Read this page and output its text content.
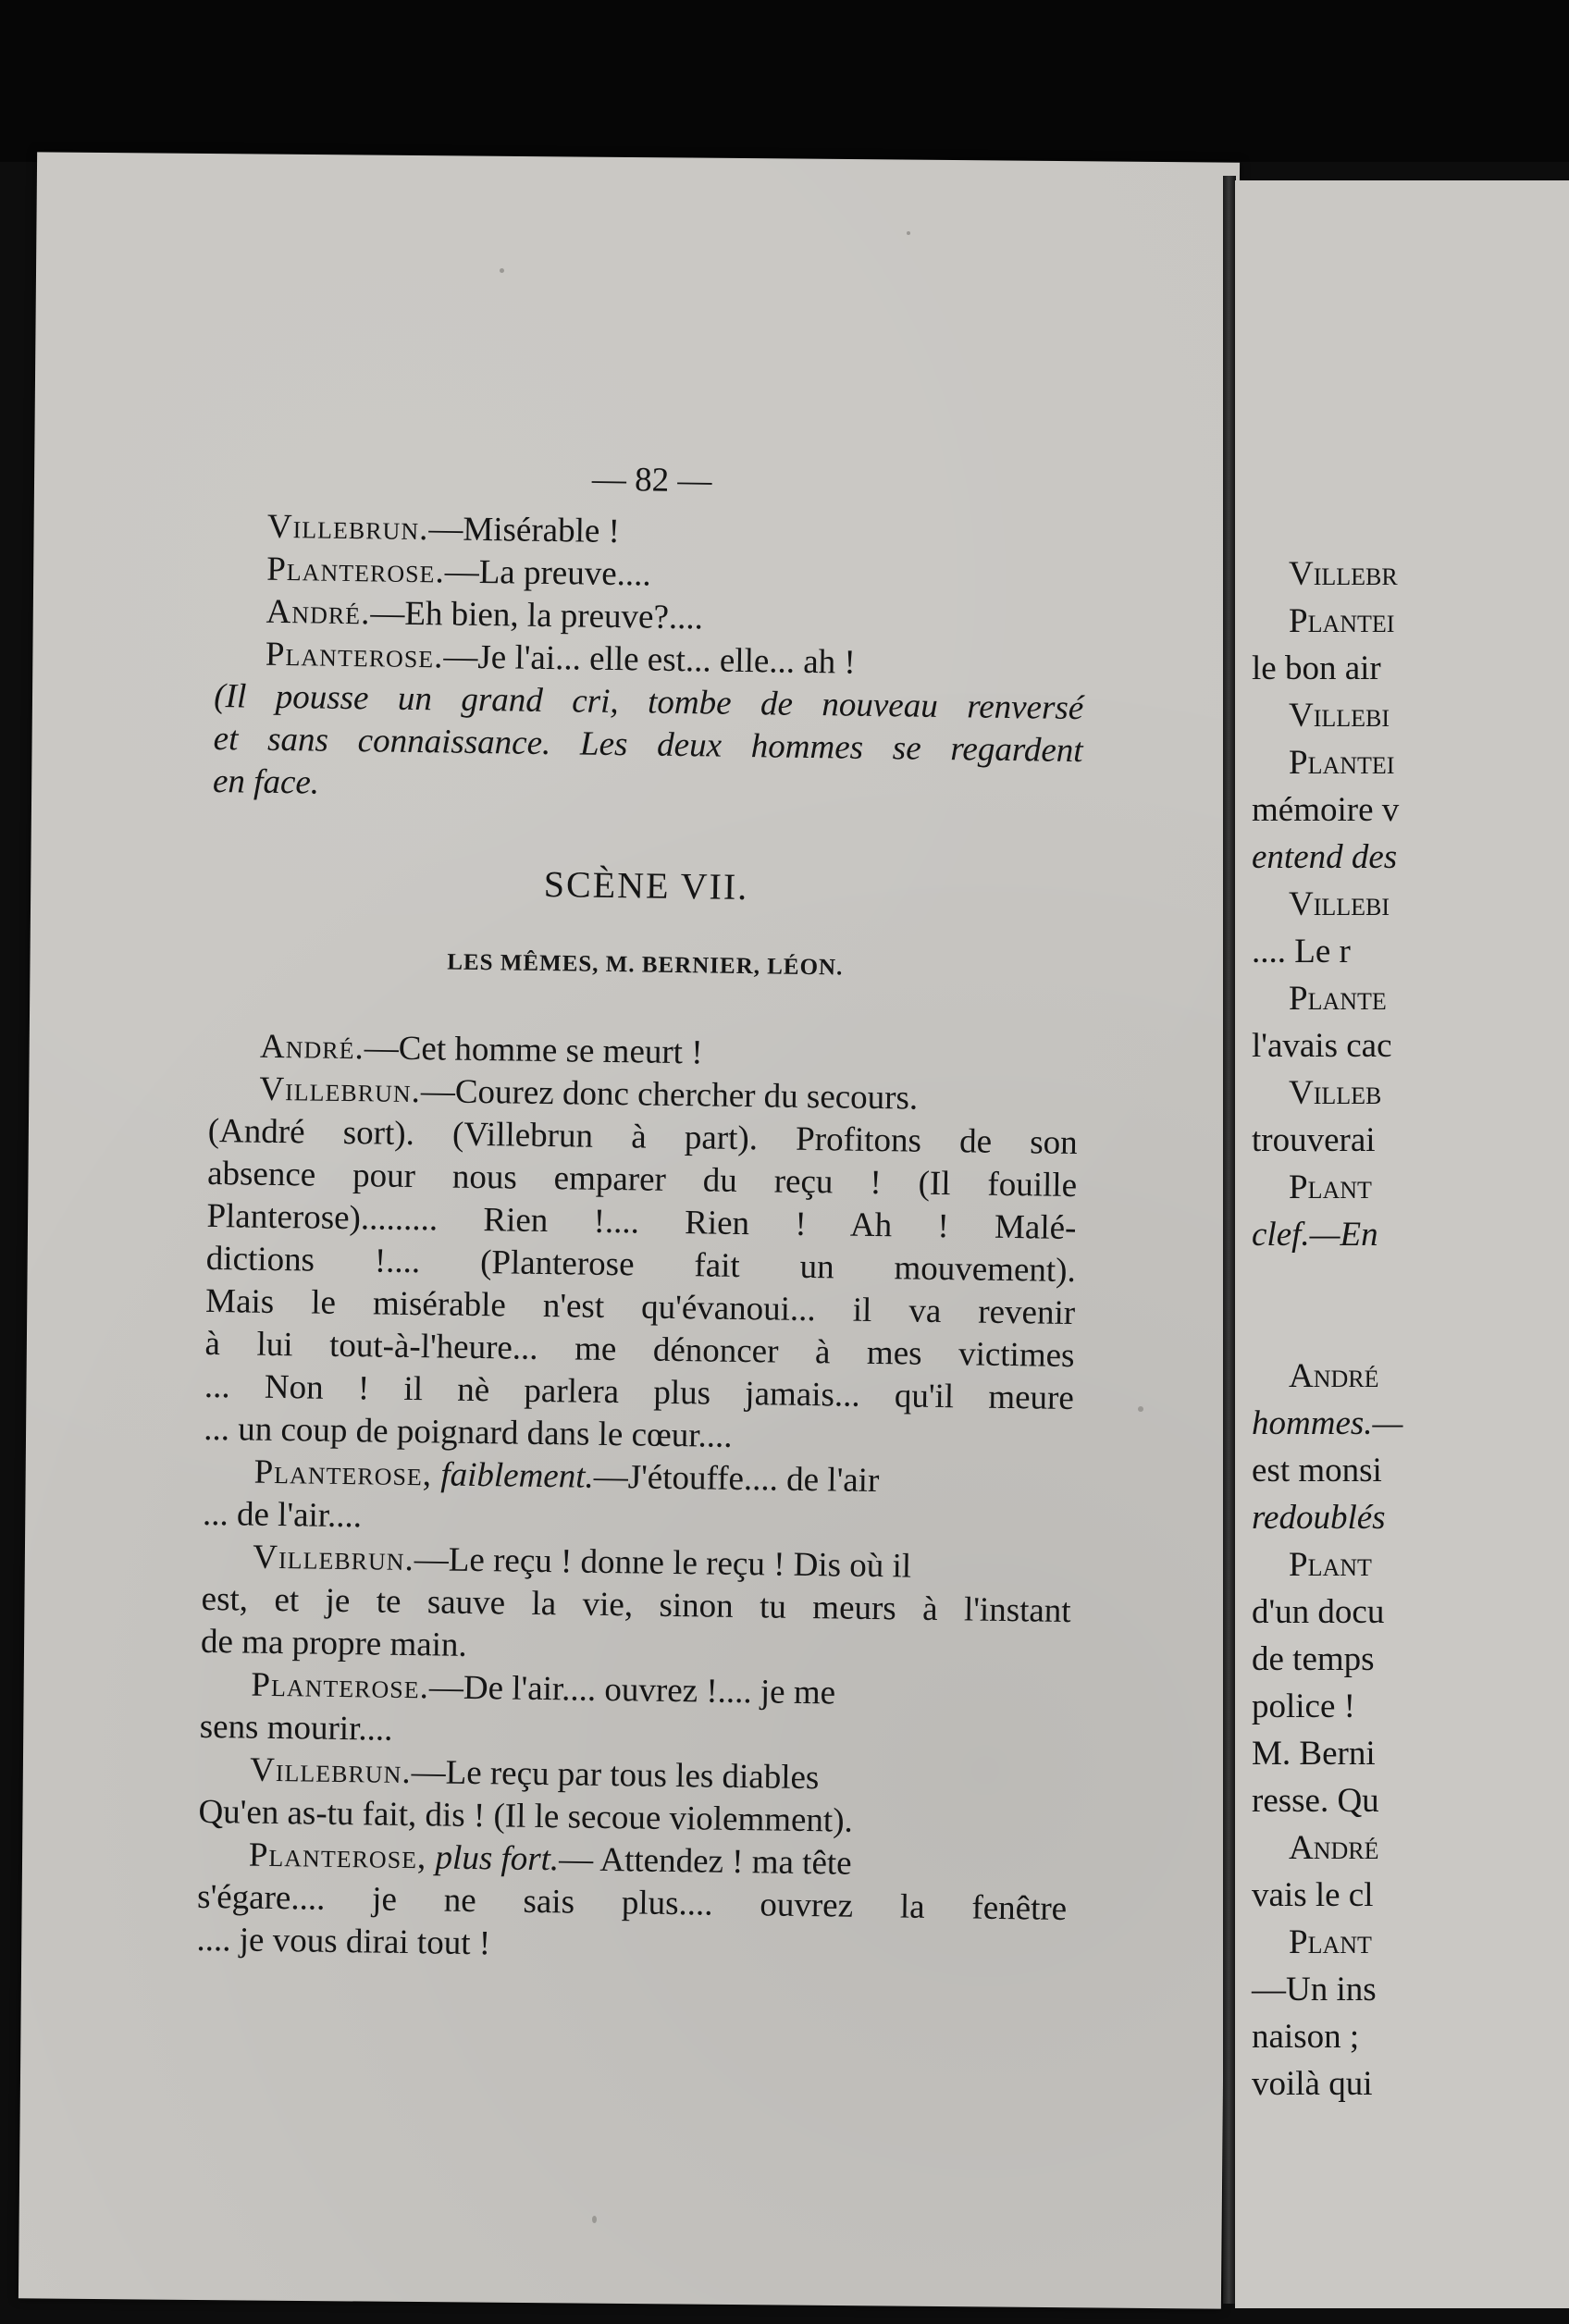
Villebr
Plantei
le bon air
Villebi
Plantei
mémoire v
entend des
Villebi
.... Le r
Plante
l'avais cac
Villeb
trouverai
Plant
clef.—En

André
hommes.—
est monsi
redoublés
Plant
d'un docu
de temps
police !
M. Berni
resse. Qu
André
vais le cl
Plant
—Un ins
naison ;
voilà qui
— 82 —
Villebrun.—Misérable !
Planterose.—La preuve....
André.—Eh bien, la preuve?....
Planterose.—Je l'ai... elle est... elle... ah !
(Il pousse un grand cri, tombe de nouveau renversé
et sans connaissance. Les deux hommes se regardent
en face.
SCÈNE VII.
LES MÊMES, M. BERNIER, LÉON.
André.—Cet homme se meurt !
Villebrun.—Courez donc chercher du secours.
(André sort). (Villebrun à part). Profitons de son
absence pour nous emparer du reçu ! (Il fouille
Planterose)......... Rien !.... Rien ! Ah ! Malé-
dictions !.... (Planterose fait un mouvement).
Mais le misérable n'est qu'évanoui... il va revenir
à lui tout-à-l'heure... me dénoncer à mes victimes
... Non ! il nè parlera plus jamais... qu'il meure
... un coup de poignard dans le cœur....
Planterose, faiblement.—J'étouffe.... de l'air
... de l'air....
Villebrun.—Le reçu ! donne le reçu ! Dis où il
est, et je te sauve la vie, sinon tu meurs à l'instant
de ma propre main.
Planterose.—De l'air.... ouvrez !.... je me
sens mourir....
Villebrun.—Le reçu par tous les diables
Qu'en as-tu fait, dis ! (Il le secoue violemment).
Planterose, plus fort.— Attendez ! ma tête
s'égare.... je ne sais plus.... ouvrez la fenêtre
.... je vous dirai tout !
